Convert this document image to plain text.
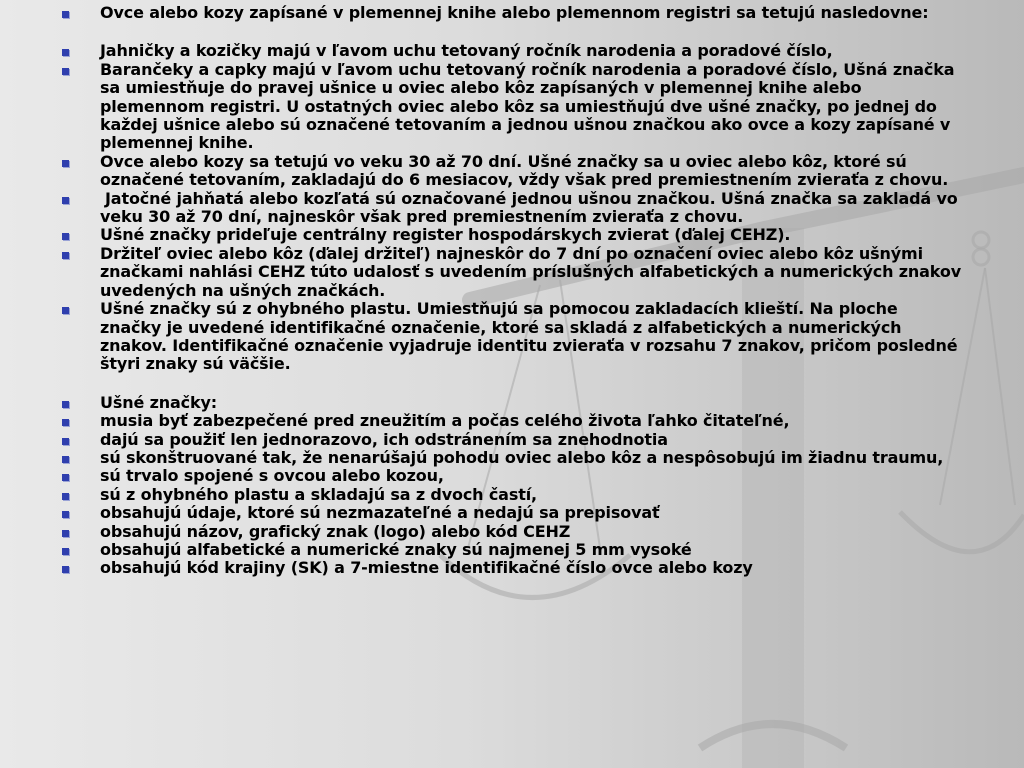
Ovce alebo kozy zapísané v plemennej knihe alebo plemennom registri sa tetujú nasledovne:
Jahničky a kozičky majú v ľavom uchu tetovaný ročník narodenia a poradové číslo,
Barančeky a capky majú v ľavom uchu tetovaný ročník narodenia a poradové číslo, Ušná značka sa umiestňuje do pravej ušnice u oviec alebo kôz zapísaných v plemennej knihe alebo plemennom registri. U ostatných oviec alebo kôz sa umiestňujú dve ušné značky, po jednej do každej ušnice alebo sú označené tetovaním a jednou ušnou značkou ako ovce a kozy zapísané v plemennej knihe.
Ovce alebo kozy sa tetujú vo veku 30 až 70 dní. Ušné značky sa u oviec alebo kôz, ktoré sú označené tetovaním, zakladajú do 6 mesiacov, vždy však pred premiestnením zvieraťa z chovu.
Jatočné jahňatá alebo kozľatá sú označované jednou ušnou značkou. Ušná značka sa zakladá vo veku 30 až 70 dní, najneskôr však pred premiestnením zvieraťa z chovu.
Ušné značky prideľuje centrálny register hospodárskych zvierat (ďalej CEHZ).
Držiteľ oviec alebo kôz (ďalej držiteľ) najneskôr do 7 dní po označení oviec alebo kôz ušnými značkami nahlási CEHZ túto udalosť s uvedením príslušných alfabetických a numerických znakov uvedených na ušných značkách.
Ušné značky sú z ohybného plastu. Umiestňujú sa pomocou zakladacích klieští. Na ploche značky je uvedené identifikačné označenie, ktoré sa skladá z alfabetických a numerických znakov. Identifikačné označenie vyjadruje identitu zvieraťa v rozsahu 7 znakov, pričom posledné štyri znaky sú väčšie.
Ušné značky:
musia byť zabezpečené pred zneužitím a počas celého života ľahko čitateľné,
dajú sa použiť len jednorazovo, ich odstránením sa znehodnotia
sú skonštruované tak, že nenarúšajú pohodu oviec alebo kôz a nespôsobujú im žiadnu traumu,
sú trvalo spojené s ovcou alebo kozou,
sú z ohybného plastu a skladajú sa z dvoch častí,
obsahujú údaje, ktoré sú nezmazateľné a nedajú sa prepisovať
obsahujú názov, grafický znak (logo) alebo kód CEHZ
obsahujú alfabetické a numerické znaky sú najmenej 5 mm vysoké
obsahujú kód krajiny (SK) a 7-miestne identifikačné číslo ovce alebo kozy
